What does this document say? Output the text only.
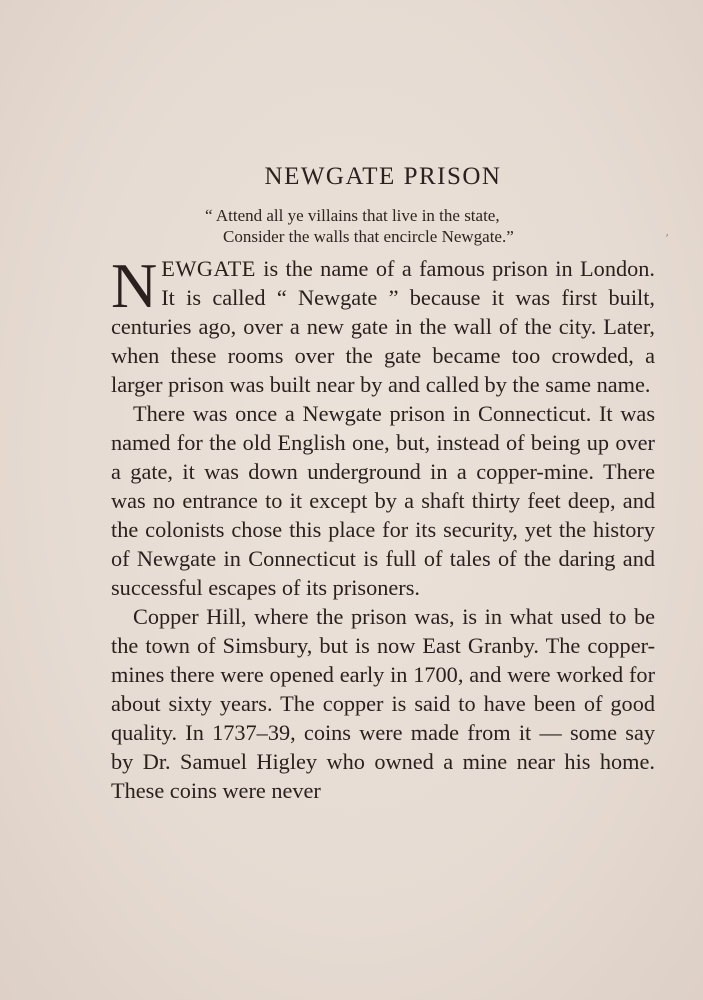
’
NEWGATE PRISON
“ Attend all ye villains that live in the state,
Consider the walls that encircle Newgate.”

NEWGATE is the name of a famous prison in London. It is called “ Newgate ” because it was first built, centuries ago, over a new gate in the wall of the city. Later, when these rooms over the gate became too crowded, a larger prison was built near by and called by the same name.

There was once a Newgate prison in Connecticut. It was named for the old English one, but, instead of being up over a gate, it was down underground in a copper-mine. There was no entrance to it except by a shaft thirty feet deep, and the colonists chose this place for its security, yet the history of Newgate in Connecticut is full of tales of the daring and successful escapes of its prisoners.

Copper Hill, where the prison was, is in what used to be the town of Simsbury, but is now East Granby. The copper-mines there were opened early in 1700, and were worked for about sixty years. The copper is said to have been of good quality. In 1737–39, coins were made from it — some say by Dr. Samuel Higley who owned a mine near his home. These coins were never
